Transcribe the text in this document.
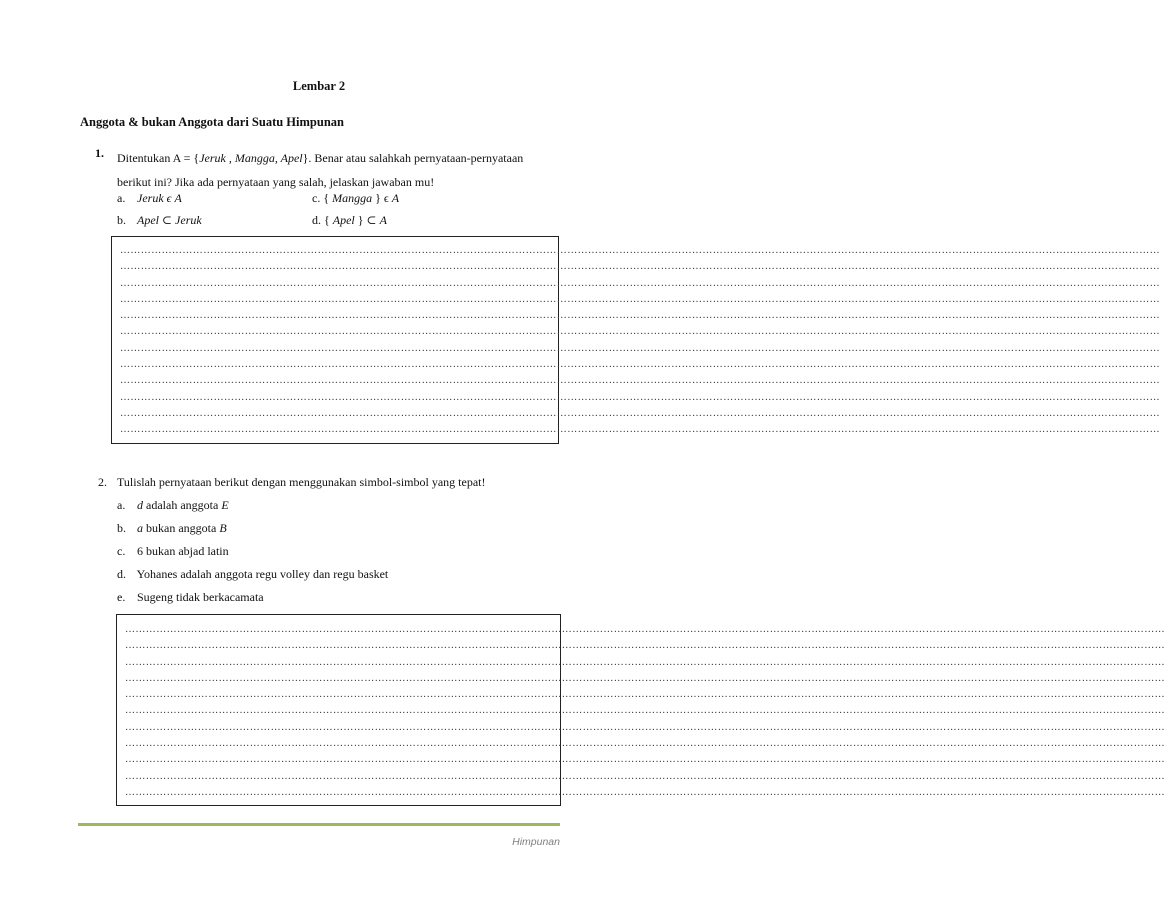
Lembar 2
Anggota & bukan Anggota dari Suatu Himpunan
1. Ditentukan A = {Jeruk , Mangga, Apel}. Benar atau salahkah pernyataan-pernyataan
berikut ini? Jika ada pernyataan yang salah, jelaskan jawaban mu!
a. Jeruk ϵ A
b. Apel ⊂ Jeruk
c. { Mangga } ϵ A
d. { Apel } ⊂ A
…………………………………………………………………………………………………………………………………………………………………………………………………………………………………………………………………………
…………………………………………………………………………………………………………………………………………………………………………………………………………………………………………………………………………
…………………………………………………………………………………………………………………………………………………………………………………………………………………………………………………………………………
…………………………………………………………………………………………………………………………………………………………………………………………………………………………………………………………………………
…………………………………………………………………………………………………………………………………………………………………………………………………………………………………………………………………………
…………………………………………………………………………………………………………………………………………………………………………………………………………………………………………………………………………
…………………………………………………………………………………………………………………………………………………………………………………………………………………………………………………………………………
…………………………………………………………………………………………………………………………………………………………………………………………………………………………………………………………………………
…………………………………………………………………………………………………………………………………………………………………………………………………………………………………………………………………………
…………………………………………………………………………………………………………………………………………………………………………………………………………………………………………………………………………
…………………………………………………………………………………………………………………………………………………………………………………………………………………………………………………………………………
…………………………………………………………………………………………………………………………………………………………………………………………………………………………………………………………………………
2. Tulislah pernyataan berikut dengan menggunakan simbol-simbol yang tepat!
a. d adalah anggota E
b. a bukan anggota B
c. 6 bukan abjad latin
d. Yohanes adalah anggota regu volley dan regu basket
e. Sugeng tidak berkacamata
…………………………………………………………………………………………………………………………………………………………………………………………………………………………………………………………………………
…………………………………………………………………………………………………………………………………………………………………………………………………………………………………………………………………………
…………………………………………………………………………………………………………………………………………………………………………………………………………………………………………………………………………
…………………………………………………………………………………………………………………………………………………………………………………………………………………………………………………………………………
…………………………………………………………………………………………………………………………………………………………………………………………………………………………………………………………………………
…………………………………………………………………………………………………………………………………………………………………………………………………………………………………………………………………………
…………………………………………………………………………………………………………………………………………………………………………………………………………………………………………………………………………
…………………………………………………………………………………………………………………………………………………………………………………………………………………………………………………………………………
…………………………………………………………………………………………………………………………………………………………………………………………………………………………………………………………………………
…………………………………………………………………………………………………………………………………………………………………………………………………………………………………………………………………………
…………………………………………………………………………………………………………………………………………………………………………………………………………………………………………………………………………
Himpunan
